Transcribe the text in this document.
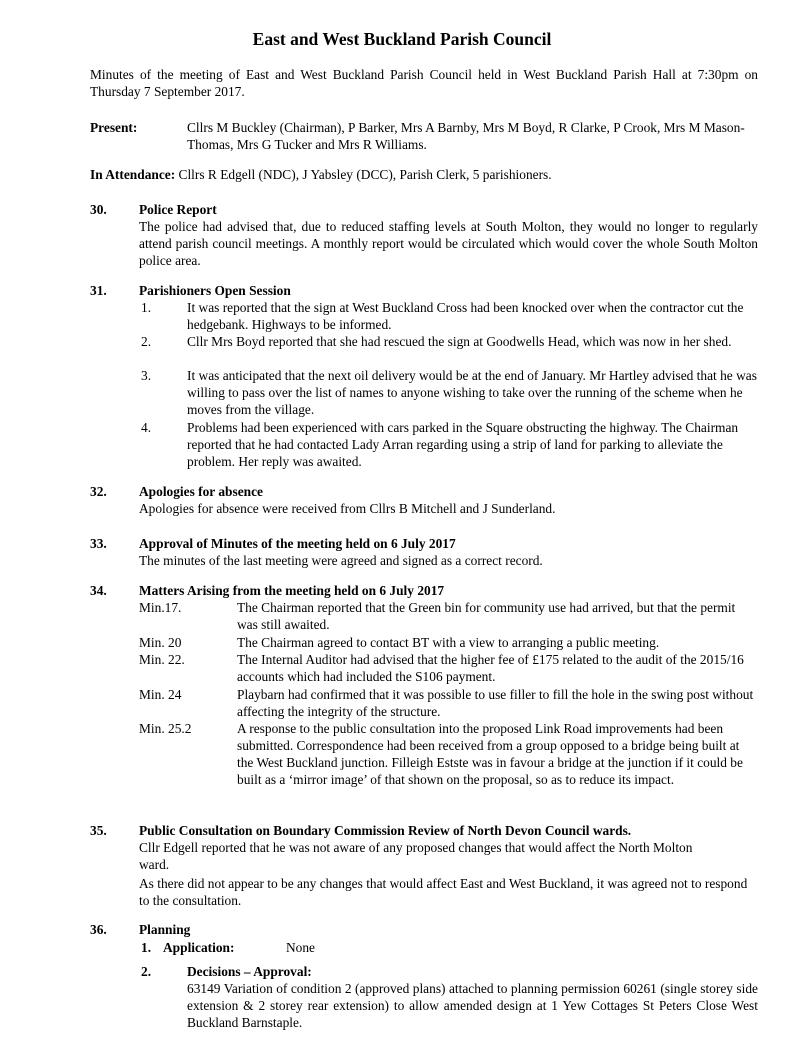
East and West Buckland Parish Council
Minutes of the meeting of East and West Buckland Parish Council held in West Buckland Parish Hall at 7:30pm on Thursday 7 September 2017.
Present:	Cllrs M Buckley (Chairman), P Barker, Mrs A Barnby, Mrs M Boyd, R Clarke, P Crook, Mrs M Mason-Thomas, Mrs G Tucker and Mrs R Williams.
In Attendance: Cllrs R Edgell (NDC), J Yabsley (DCC), Parish Clerk, 5 parishioners.
30. Police Report
The police had advised that, due to reduced staffing levels at South Molton, they would no longer to regularly attend parish council meetings. A monthly report would be circulated which would cover the whole South Molton police area.
31. Parishioners Open Session
1.	It was reported that the sign at West Buckland Cross had been knocked over when the contractor cut the hedgebank. Highways to be informed.
2.	Cllr Mrs Boyd reported that she had rescued the sign at Goodwells Head, which was now in her shed.
3.	It was anticipated that the next oil delivery would be at the end of January. Mr Hartley advised that he was willing to pass over the list of names to anyone wishing to take over the running of the scheme when he moves from the village.
4.	Problems had been experienced with cars parked in the Square obstructing the highway. The Chairman reported that he had contacted Lady Arran regarding using a strip of land for parking to alleviate the problem. Her reply was awaited.
32. Apologies for absence
Apologies for absence were received from Cllrs B Mitchell and J Sunderland.
33. Approval of Minutes of the meeting held on 6 July 2017
The minutes of the last meeting were agreed and signed as a correct record.
34. Matters Arising from the meeting held on 6 July 2017
Min.17.	The Chairman reported that the Green bin for community use had arrived, but that the permit was still awaited.
Min. 20	The Chairman agreed to contact BT with a view to arranging a public meeting.
Min. 22.	The Internal Auditor had advised that the higher fee of £175 related to the audit of the 2015/16 accounts which had included the S106 payment.
Min. 24	Playbarn had confirmed that it was possible to use filler to fill the hole in the swing post without affecting the integrity of the structure.
Min. 25.2	A response to the public consultation into the proposed Link Road improvements had been submitted. Correspondence had been received from a group opposed to a bridge being built at the West Buckland junction. Filleigh Estste was in favour a bridge at the junction if it could be built as a ‘mirror image’ of that shown on the proposal, so as to reduce its impact.
35. Public Consultation on Boundary Commission Review of North Devon Council wards.
Cllr Edgell reported that he was not aware of any proposed changes that would affect the North Molton ward.
As there did not appear to be any changes that would affect East and West Buckland, it was agreed not to respond to the consultation.
36. Planning
1. Application:	None
2.	Decisions – Approval:
63149 Variation of condition 2 (approved plans) attached to planning permission 60261 (single storey side extension & 2 storey rear extension) to allow amended design at 1 Yew Cottages St Peters Close West Buckland Barnstaple.
